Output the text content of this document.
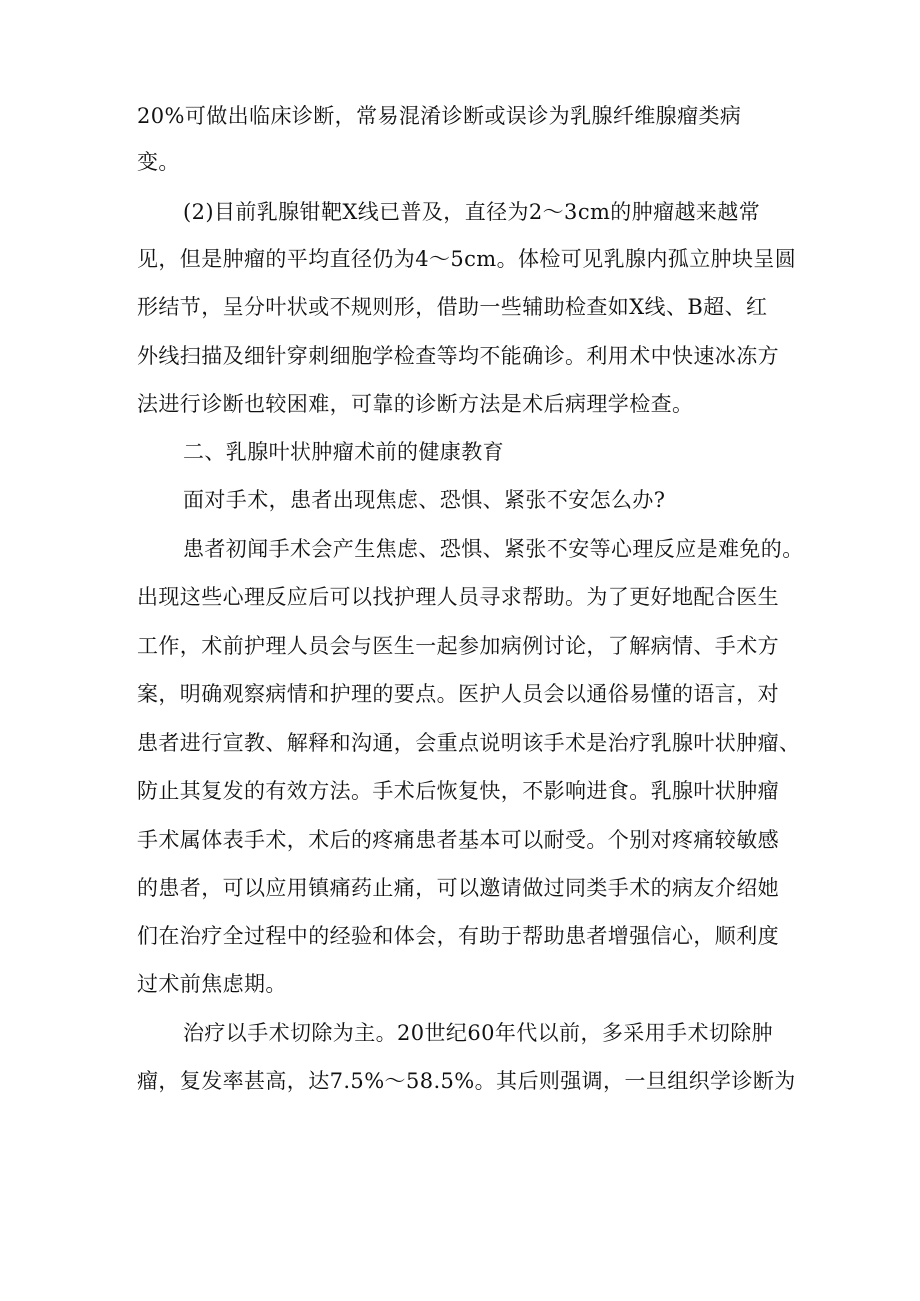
20%可做出临床诊断，常易混淆诊断或误诊为乳腺纤维腺瘤类病
变。
(2)目前乳腺钳靶X线已普及，直径为2～3cm的肿瘤越来越常
见，但是肿瘤的平均直径仍为4～5cm。体检可见乳腺内孤立肿块呈圆
形结节，呈分叶状或不规则形，借助一些辅助检查如X线、B超、红
外线扫描及细针穿刺细胞学检查等均不能确诊。利用术中快速冰冻方
法进行诊断也较困难，可靠的诊断方法是术后病理学检查。
二、乳腺叶状肿瘤术前的健康教育
面对手术，患者出现焦虑、恐惧、紧张不安怎么办?
患者初闻手术会产生焦虑、恐惧、紧张不安等心理反应是难免的。
出现这些心理反应后可以找护理人员寻求帮助。为了更好地配合医生
工作，术前护理人员会与医生一起参加病例讨论，了解病情、手术方
案，明确观察病情和护理的要点。医护人员会以通俗易懂的语言，对
患者进行宣教、解释和沟通，会重点说明该手术是治疗乳腺叶状肿瘤、
防止其复发的有效方法。手术后恢复快，不影响进食。乳腺叶状肿瘤
手术属体表手术，术后的疼痛患者基本可以耐受。个别对疼痛较敏感
的患者，可以应用镇痛药止痛，可以邀请做过同类手术的病友介绍她
们在治疗全过程中的经验和体会，有助于帮助患者增强信心，顺利度
过术前焦虑期。
治疗以手术切除为主。20世纪60年代以前，多采用手术切除肿
瘤，复发率甚高，达7.5%～58.5%。其后则强调，一旦组织学诊断为
